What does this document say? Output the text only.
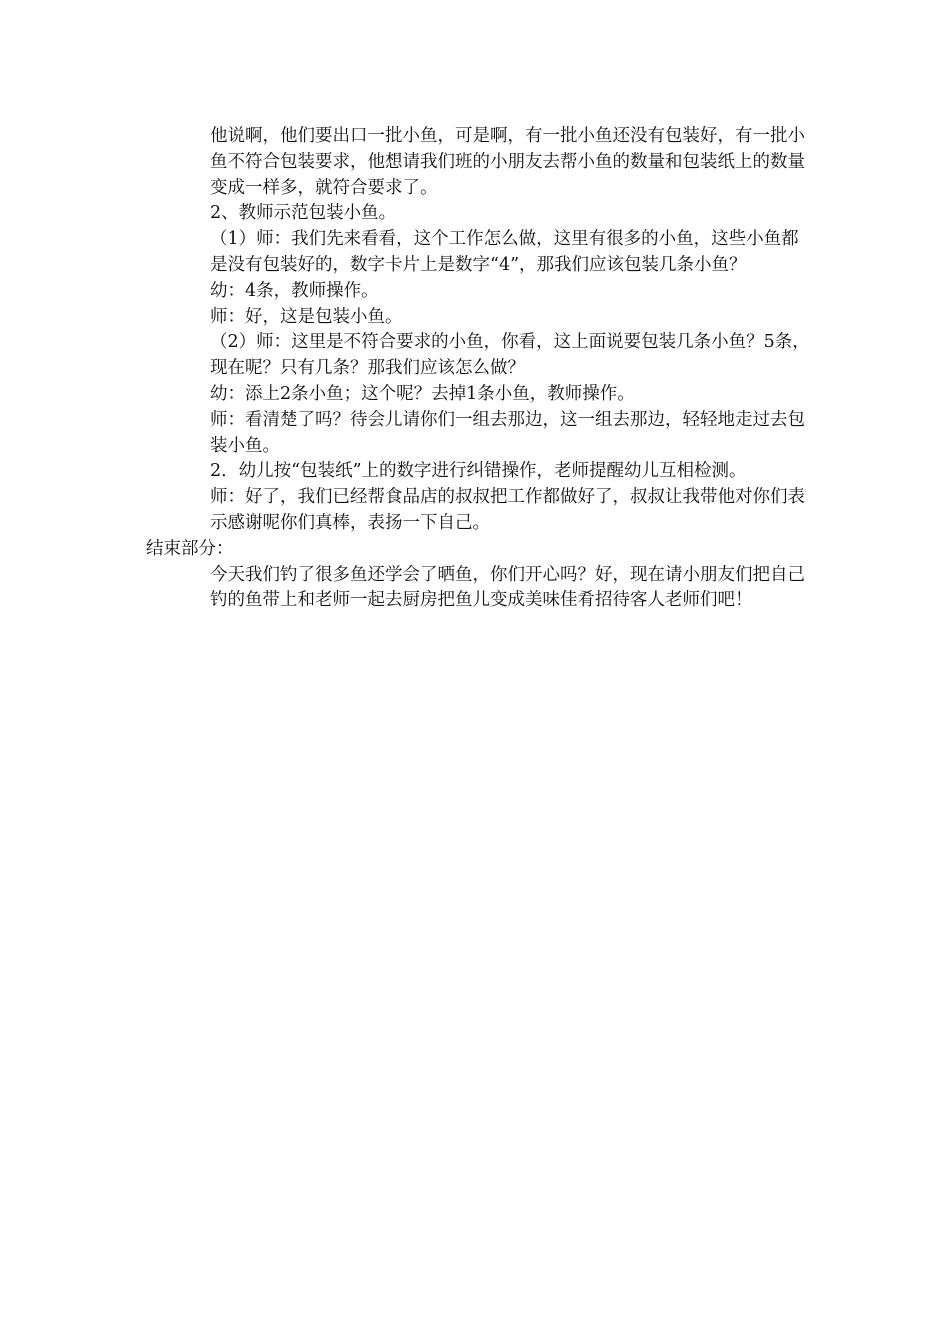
他说啊，他们要出口一批小鱼，可是啊，有一批小鱼还没有包装好，有一批小鱼不符合包装要求，他想请我们班的小朋友去帮小鱼的数量和包装纸上的数量变成一样多，就符合要求了。

2、教师示范包装小鱼。

（1）师：我们先来看看，这个工作怎么做，这里有很多的小鱼，这些小鱼都是没有包装好的，数字卡片上是数字“4”，那我们应该包装几条小鱼？

幼：4条，教师操作。

师：好，这是包装小鱼。

（2）师：这里是不符合要求的小鱼，你看，这上面说要包装几条小鱼？5条，现在呢？只有几条？那我们应该怎么做？

幼：添上2条小鱼；这个呢？去掉1条小鱼，教师操作。

师：看清楚了吗？待会儿请你们一组去那边，这一组去那边，轻轻地走过去包装小鱼。

2．幼儿按“包装纸”上的数字进行纠错操作，老师提醒幼儿互相检测。

师：好了，我们已经帮食品店的叔叔把工作都做好了，叔叔让我带他对你们表示感谢呢你们真棒，表扬一下自己。

结束部分：

今天我们钓了很多鱼还学会了晒鱼，你们开心吗？好，现在请小朋友们把自己钓的鱼带上和老师一起去厨房把鱼儿变成美味佳肴招待客人老师们吧！
